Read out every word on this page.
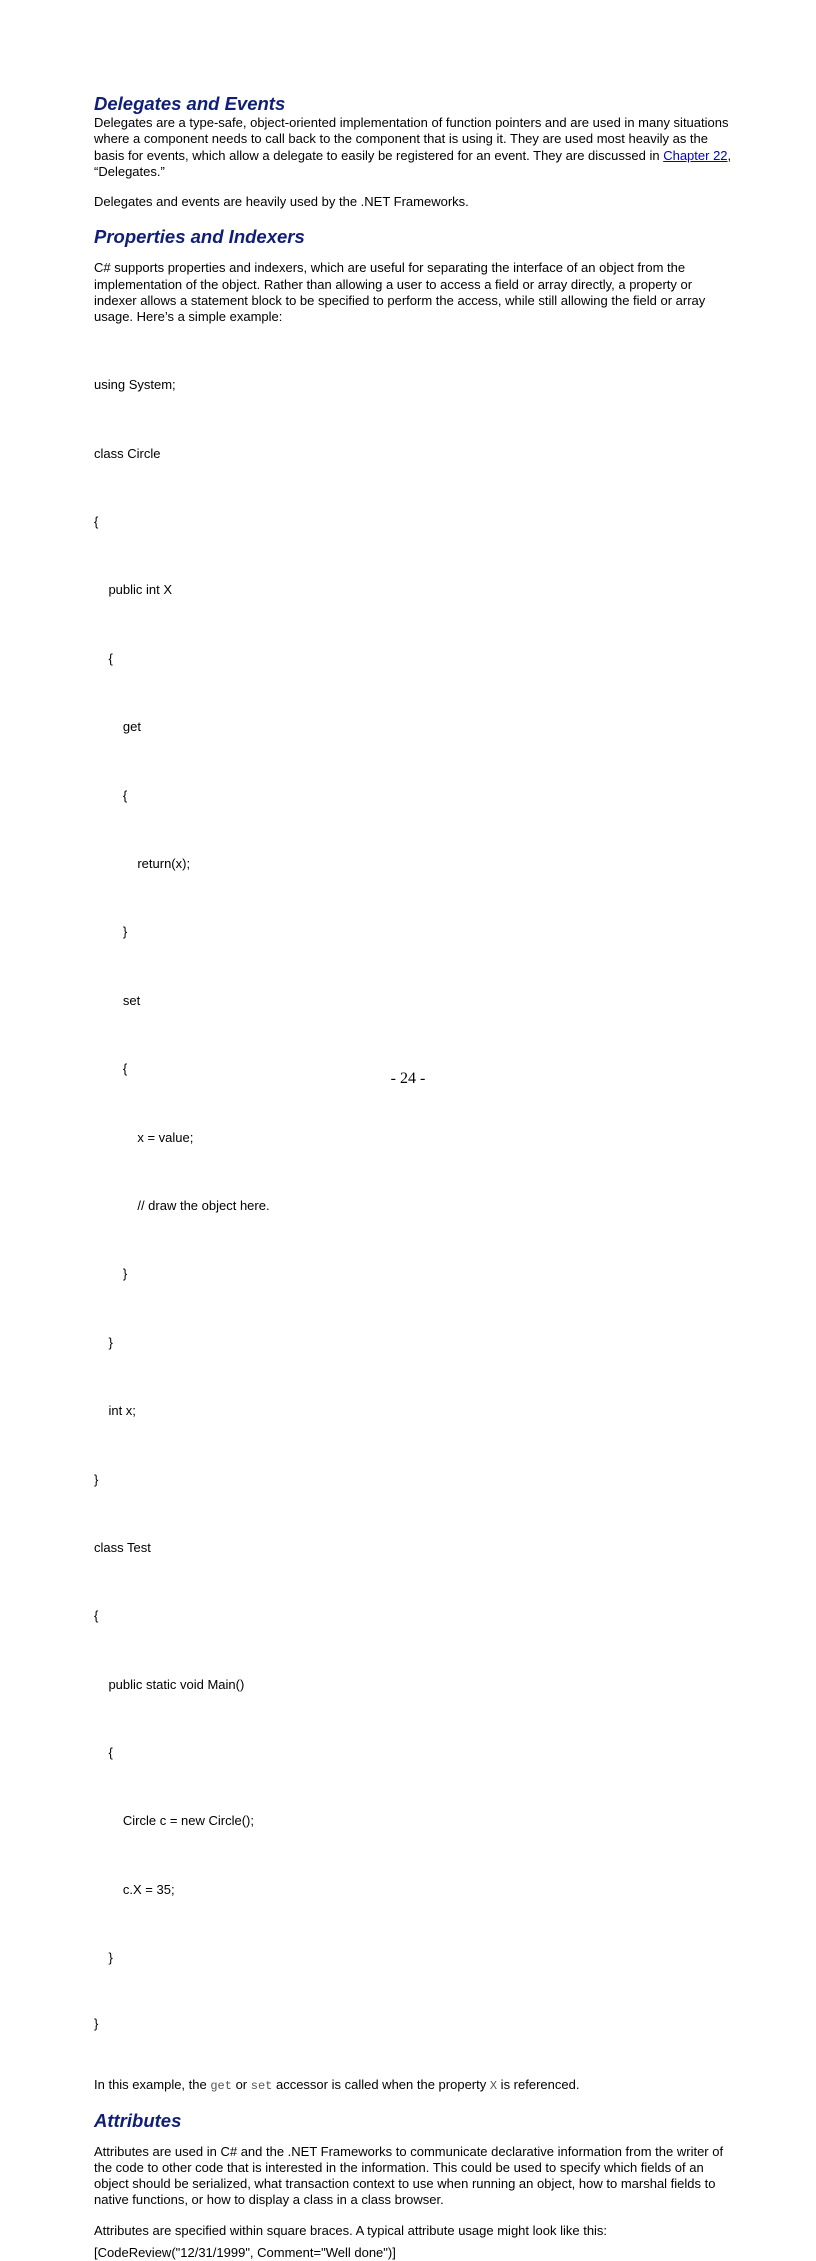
Delegates and Events

Delegates are a type-safe, object-oriented implementation of function pointers and are used in many situations where a component needs to call back to the component that is using it. They are used most heavily as the basis for events, which allow a delegate to easily be registered for an event. They are discussed in Chapter 22, “Delegates.”

Delegates and events are heavily used by the .NET Frameworks.

Properties and Indexers

C# supports properties and indexers, which are useful for separating the interface of an object from the implementation of the object. Rather than allowing a user to access a field or array directly, a property or indexer allows a statement block to be specified to perform the access, while still allowing the field or array usage. Here’s a simple example:

using System;

class Circle

{

public int X

{

get

{

return(x);

}

set

{

x = value;

// draw the object here.

}

}

int x;

}

class Test

{

public static void Main()

{

Circle c = new Circle();

c.X = 35;

}

}

In this example, the get or set accessor is called when the property X is referenced.

Attributes

Attributes are used in C# and the .NET Frameworks to communicate declarative information from the writer of the code to other code that is interested in the information. This could be used to specify which fields of an object should be serialized, what transaction context to use when running an object, how to marshal fields to native functions, or how to display a class in a class browser.

Attributes are specified within square braces. A typical attribute usage might look like this:

[CodeReview("12/31/1999", Comment="Well done")]
- 24 -
